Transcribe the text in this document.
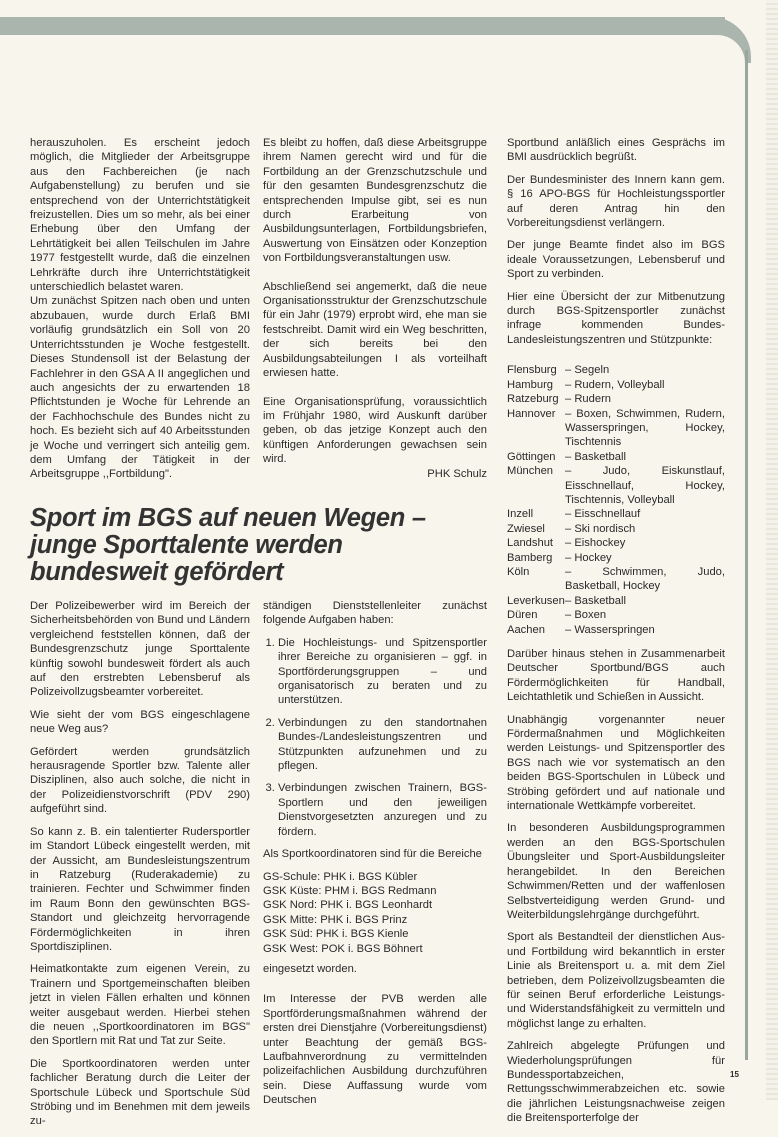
herauszuholen. Es erscheint jedoch möglich, die Mitglieder der Arbeitsgruppe aus den Fachbereichen (je nach Aufgabenstellung) zu berufen und sie entsprechend von der Unterrichtstätigkeit freizustellen. Dies um so mehr, als bei einer Erhebung über den Umfang der Lehrtätigkeit bei allen Teilschulen im Jahre 1977 festgestellt wurde, daß die einzelnen Lehrkräfte durch ihre Unterrichtstätigkeit unterschiedlich belastet waren.

Um zunächst Spitzen nach oben und unten abzubauen, wurde durch Erlaß BMI vorläufig grundsätzlich ein Soll von 20 Unterrichtsstunden je Woche festgestellt. Dieses Stundensoll ist der Belastung der Fachlehrer in den GSA A II angeglichen und auch angesichts der zu erwartenden 18 Pflichtstunden je Woche für Lehrende an der Fachhochschule des Bundes nicht zu hoch. Es bezieht sich auf 40 Arbeitsstunden je Woche und verringert sich anteilig gem. dem Umfang der Tätigkeit in der Arbeitsgruppe ,,Fortbildung".

Es bleibt zu hoffen, daß diese Arbeitsgruppe ihrem Namen gerecht wird und für die Fortbildung an der Grenzschutzschule und für den gesamten Bundesgrenzschutz die entsprechenden Impulse gibt, sei es nun durch Erarbeitung von Ausbildungsunterlagen, Fortbildungsbriefen, Auswertung von Einsätzen oder Konzeption von Fortbildungsveranstaltungen usw.

Abschließend sei angemerkt, daß die neue Organisationsstruktur der Grenzschutzschule für ein Jahr (1979) erprobt wird, ehe man sie festschreibt. Damit wird ein Weg beschritten, der sich bereits bei den Ausbildungsabteilungen I als vorteilhaft erwiesen hatte.

Eine Organisationsprüfung, voraussichtlich im Frühjahr 1980, wird Auskunft darüber geben, ob das jetzige Konzept auch den künftigen Anforderungen gewachsen sein wird.

PHK Schulz
Sport im BGS auf neuen Wegen –
junge Sporttalente werden
bundesweit gefördert

Der Polizeibewerber wird im Bereich der Sicherheitsbehörden von Bund und Ländern vergleichend feststellen können, daß der Bundesgrenzschutz junge Sporttalente künftig sowohl bundesweit fördert als auch auf den erstrebten Lebensberuf als Polizeivollzugsbeamter vorbereitet.

Wie sieht der vom BGS eingeschlagene neue Weg aus?

Gefördert werden grundsätzlich herausragende Sportler bzw. Talente aller Disziplinen, also auch solche, die nicht in der Polizeidienstvorschrift (PDV 290) aufgeführt sind.

So kann z. B. ein talentierter Rudersportler im Standort Lübeck eingestellt werden, mit der Aussicht, am Bundesleistungszentrum in Ratzeburg (Ruderakademie) zu trainieren. Fechter und Schwimmer finden im Raum Bonn den gewünschten BGS-Standort und gleichzeitg hervorragende Fördermöglichkeiten in ihren Sportdisziplinen.

Heimatkontakte zum eigenen Verein, zu Trainern und Sportgemeinschaften bleiben jetzt in vielen Fällen erhalten und können weiter ausgebaut werden. Hierbei stehen die neuen ,,Sportkoordinatoren im BGS" den Sportlern mit Rat und Tat zur Seite.

Die Sportkoordinatoren werden unter fachlicher Beratung durch die Leiter der Sportschule Lübeck und Sportschule Süd Ströbing und im Benehmen mit dem jeweils zu-

ständigen Dienststellenleiter zunächst folgende Aufgaben haben:

1. Die Hochleistungs- und Spitzensportler ihrer Bereiche zu organisieren – ggf. in Sportförderungsgruppen – und organisatorisch zu beraten und zu unterstützen.
2. Verbindungen zu den standortnahen Bundes-/Landesleistungszentren und Stützpunkten aufzunehmen und zu pflegen.
3. Verbindungen zwischen Trainern, BGS-Sportlern und den jeweiligen Dienstvorgesetzten anzuregen und zu fördern.

Als Sportkoordinatoren sind für die Bereiche

GS-Schule: PHK i. BGS Kübler
GSK Küste: PHM i. BGS Redmann
GSK Nord: PHK i. BGS Leonhardt
GSK Mitte: PHK i. BGS Prinz
GSK Süd: PHK i. BGS Kienle
GSK West: POK i. BGS Böhnert

eingesetzt worden.

Im Interesse der PVB werden alle Sportförderungsmaßnahmen während der ersten drei Dienstjahre (Vorbereitungsdienst) unter Beachtung der gemäß BGS-Laufbahnverordnung zu vermittelnden polizeifachlichen Ausbildung durchzuführen sein. Diese Auffassung wurde vom Deutschen

Sportbund anläßlich eines Gesprächs im BMI ausdrücklich begrüßt.

Der Bundesminister des Innern kann gem. § 16 APO-BGS für Hochleistungssportler auf deren Antrag hin den Vorbereitungsdienst verlängern.

Der junge Beamte findet also im BGS ideale Voraussetzungen, Lebensberuf und Sport zu verbinden.

Hier eine Übersicht der zur Mitbenutzung durch BGS-Spitzensportler zunächst infrage kommenden Bundes-Landesleistungszentren und Stützpunkte:

Flensburg	– Segeln
Hamburg	– Rudern, Volleyball
Ratzeburg	– Rudern
Hannover	– Boxen, Schwimmen, Rudern, Wasserspringen, Hockey, Tischtennis
Göttingen	– Basketball
München	– Judo, Eiskunstlauf, Eisschnellauf, Hockey, Tischtennis, Volleyball
Inzell	– Eisschnellauf
Zwiesel	– Ski nordisch
Landshut	– Eishockey
Bamberg	– Hockey
Köln	– Schwimmen, Judo, Basketball, Hockey
Leverkusen	– Basketball
Düren	– Boxen
Aachen	– Wasserspringen

Darüber hinaus stehen in Zusammenarbeit Deutscher Sportbund/BGS auch Fördermöglichkeiten für Handball, Leichtathletik und Schießen in Aussicht.

Unabhängig vorgenannter neuer Fördermaßnahmen und Möglichkeiten werden Leistungs- und Spitzensportler des BGS nach wie vor systematisch an den beiden BGS-Sportschulen in Lübeck und Ströbing gefördert und auf nationale und internationale Wettkämpfe vorbereitet.

In besonderen Ausbildungsprogrammen werden an den BGS-Sportschulen Übungsleiter und Sport-Ausbildungsleiter herangebildet. In den Bereichen Schwimmen/Retten und der waffenlosen Selbstverteidigung werden Grund- und Weiterbildungslehrgänge durchgeführt.

Sport als Bestandteil der dienstlichen Aus- und Fortbildung wird bekanntlich in erster Linie als Breitensport u. a. mit dem Ziel betrieben, dem Polizeivollzugsbeamten die für seinen Beruf erforderliche Leistungs- und Widerstandsfähigkeit zu vermitteln und möglichst lange zu erhalten.

Zahlreich abgelegte Prüfungen und Wiederholungsprüfungen für Bundessportabzeichen, Rettungsschwimmerabzeichen etc. sowie die jährlichen Leistungsnachweise zeigen die Breitensporterfolge der

15
